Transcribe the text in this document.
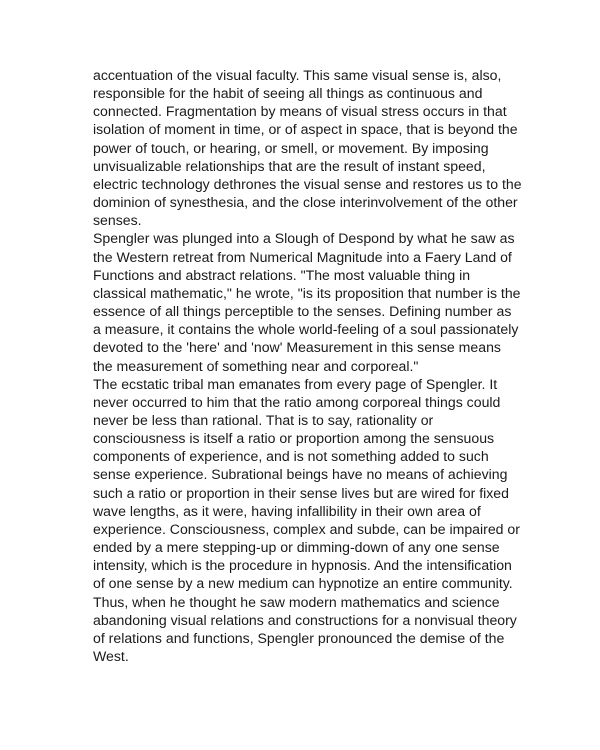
accentuation of the visual faculty. This same visual sense is, also,

responsible for the habit of seeing all things as continuous and

connected. Fragmentation by means of visual stress occurs in that

isolation of moment in time, or of aspect in space, that is beyond the

power of touch, or hearing, or smell, or movement. By imposing

unvisualizable relationships that are the result of instant speed,

electric technology dethrones the visual sense and restores us to the

dominion of synesthesia, and the close interinvolvement of the other

senses.

Spengler was plunged into a Slough of Despond by what he saw as

the Western retreat from Numerical Magnitude into a Faery Land of

Functions and abstract relations. "The most valuable thing in

classical mathematic," he wrote, "is its proposition that number is the

essence of all things perceptible to the senses. Defining number as

a measure, it contains the whole world-feeling of a soul passionately

devoted to the 'here' and 'now' Measurement in this sense means

the measurement of something near and corporeal."

The ecstatic tribal man emanates from every page of Spengler. It

never occurred to him that the ratio among corporeal things could

never be less than rational. That is to say, rationality or

consciousness is itself a ratio or proportion among the sensuous

components of experience, and is not something added to such

sense experience. Subrational beings have no means of achieving

such a ratio or proportion in their sense lives but are wired for fixed

wave lengths, as it were, having infallibility in their own area of

experience. Consciousness, complex and subde, can be impaired or

ended by a mere stepping-up or dimming-down of any one sense

intensity, which is the procedure in hypnosis. And the intensification

of one sense by a new medium can hypnotize an entire community.

Thus, when he thought he saw modern mathematics and science

abandoning visual relations and constructions for a nonvisual theory

of relations and functions, Spengler pronounced the demise of the

West.
